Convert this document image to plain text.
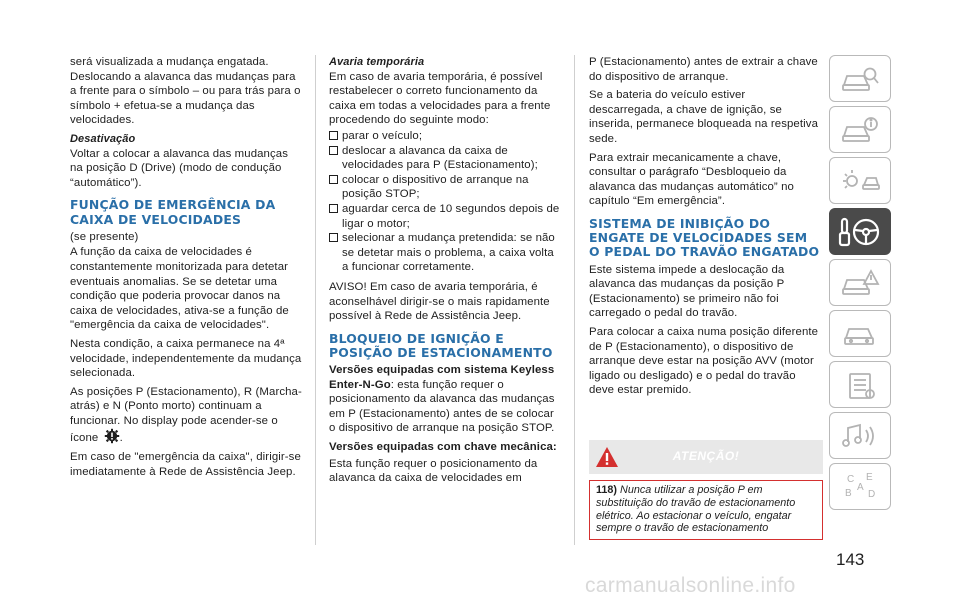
será visualizada a mudança engatada. Deslocando a alavanca das mudanças para a frente para o símbolo – ou para trás para o símbolo + efetua-se a mudança das velocidades.
Desativação
Voltar a colocar a alavanca das mudanças na posição D (Drive) (modo de condução “automático”).
FUNÇÃO DE EMERGÊNCIA DA CAIXA DE VELOCIDADES
(se presente)
A função da caixa de velocidades é constantemente monitorizada para detetar eventuais anomalias. Se se detetar uma condição que poderia provocar danos na caixa de velocidades, ativa-se a função de "emergência da caixa de velocidades".
Nesta condição, a caixa permanece na 4ª velocidade, independentemente da mudança selecionada.
As posições P (Estacionamento), R (Marcha-atrás) e N (Ponto morto) continuam a funcionar. No display pode acender-se o ícone .
Em caso de "emergência da caixa", dirigir-se imediatamente à Rede de Assistência Jeep.
Avaria temporária
Em caso de avaria temporária, é possível restabelecer o correto funcionamento da caixa em todas a velocidades para a frente procedendo do seguinte modo:
parar o veículo;
deslocar a alavanca da caixa de velocidades para P (Estacionamento);
colocar o dispositivo de arranque na posição STOP;
aguardar cerca de 10 segundos depois de ligar o motor;
selecionar a mudança pretendida: se não se detetar mais o problema, a caixa volta a funcionar corretamente.
AVISO! Em caso de avaria temporária, é aconselhável dirigir-se o mais rapidamente possível à Rede de Assistência Jeep.
BLOQUEIO DE IGNIÇÃO E POSIÇÃO DE ESTACIONAMENTO
Versões equipadas com sistema Keyless Enter-N-Go: esta função requer o posicionamento da alavanca das mudanças em P (Estacionamento) antes de se colocar o dispositivo de arranque na posição STOP.
Versões equipadas com chave mecânica:
Esta função requer o posicionamento da alavanca da caixa de velocidades em
P (Estacionamento) antes de extrair a chave do dispositivo de arranque.
Se a bateria do veículo estiver descarregada, a chave de ignição, se inserida, permanece bloqueada na respetiva sede.
Para extrair mecanicamente a chave, consultar o parágrafo “Desbloqueio da alavanca das mudanças automático” no capítulo “Em emergência”.
SISTEMA DE INIBIÇÃO DO ENGATE DE VELOCIDADES SEM O PEDAL DO TRAVÃO ENGATADO
Este sistema impede a deslocação da alavanca das mudanças da posição P (Estacionamento) se primeiro não foi carregado o pedal do travão.
Para colocar a caixa numa posição diferente de P (Estacionamento), o dispositivo de arranque deve estar na posição AVV (motor ligado ou desligado) e o pedal do travão deve estar premido.
ATENÇÃO!
118) Nunca utilizar a posição P em substituição do travão de estacionamento elétrico. Ao estacionar o veículo, engatar sempre o travão de estacionamento
C E
B D
A
143
carmanualsonline.info
